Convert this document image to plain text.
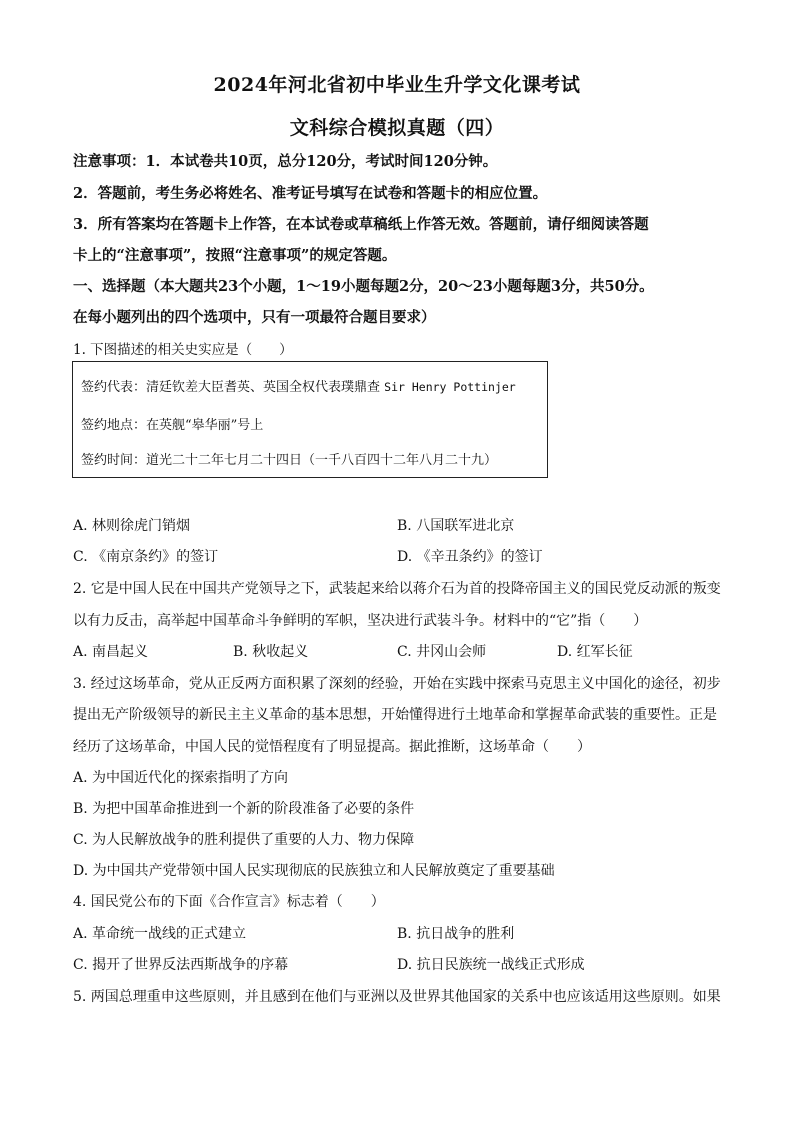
2024年河北省初中毕业生升学文化课考试
文科综合模拟真题（四）
注意事项：1．本试卷共10页，总分120分，考试时间120分钟。
2．答题前，考生务必将姓名、准考证号填写在试卷和答题卡的相应位置。
3．所有答案均在答题卡上作答，在本试卷或草稿纸上作答无效。答题前，请仔细阅读答题
卡上的“注意事项”，按照“注意事项”的规定答题。
一、选择题（本大题共23个小题，1～19小题每题2分，20～23小题每题3分，共50分。
在每小题列出的四个选项中，只有一项最符合题目要求）
1. 下图描述的相关史实应是（　　）
签约代表：清廷钦差大臣耆英、英国全权代表璞鼎查 Sir Henry Pottinjer
签约地点：在英舰“皋华丽”号上
签约时间：道光二十二年七月二十四日（一千八百四十二年八月二十九）
A. 林则徐虎门销烟	B. 八国联军进北京
C. 《南京条约》的签订	D. 《辛丑条约》的签订
2. 它是中国人民在中国共产党领导之下，武装起来给以蒋介石为首的投降帝国主义的国民党反动派的叛变
以有力反击，高举起中国革命斗争鲜明的军帜，坚决进行武装斗争。材料中的“它”指（　　）
A. 南昌起义	B. 秋收起义	C. 井冈山会师	D. 红军长征
3. 经过这场革命，党从正反两方面积累了深刻的经验，开始在实践中探索马克思主义中国化的途径，初步
提出无产阶级领导的新民主主义革命的基本思想，开始懂得进行土地革命和掌握革命武装的重要性。正是
经历了这场革命，中国人民的觉悟程度有了明显提高。据此推断，这场革命（　　）
A. 为中国近代化的探索指明了方向
B. 为把中国革命推进到一个新的阶段准备了必要的条件
C. 为人民解放战争的胜利提供了重要的人力、物力保障
D. 为中国共产党带领中国人民实现彻底的民族独立和人民解放奠定了重要基础
4. 国民党公布的下面《合作宣言》标志着（　　）
A. 革命统一战线的正式建立	B. 抗日战争的胜利
C. 揭开了世界反法西斯战争的序幕	D. 抗日民族统一战线正式形成
5. 两国总理重申这些原则，并且感到在他们与亚洲以及世界其他国家的关系中也应该适用这些原则。如果
